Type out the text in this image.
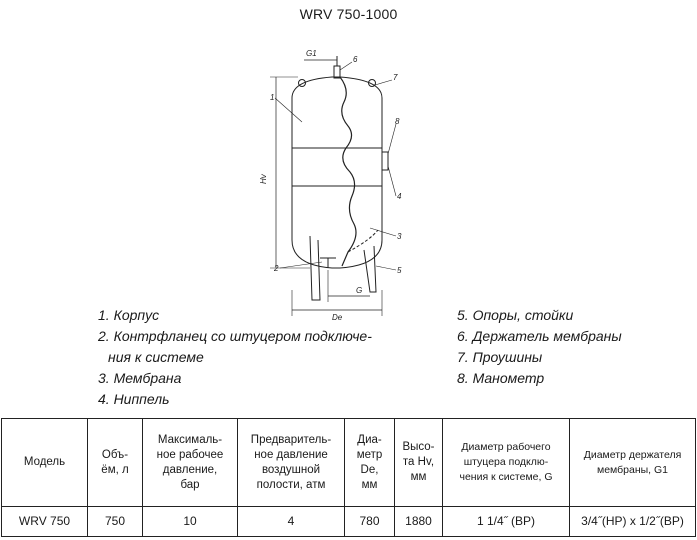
WRV 750-1000
1
2
3
4
5
6
7
8
G1
Hv
De
G
1. Корпус
2. Контрфланец со штуцером подключе-
ния к системе
3. Мембрана
4. Ниппель
5. Опоры, стойки
6. Держатель мембраны
7. Проушины
8. Манометр
Модель	Объ-
ём, л	Максималь-
ное рабочее
давление,
бар	Предваритель-
ное давление
воздушной
полости, атм	Диа-
метр
De,
мм	Высо-
та Hv,
мм	Диаметр рабочего
штуцера подклю-
чения к системе, G	Диаметр держателя
мембраны, G1
WRV 750	750	10	4	780	1880	1 1/4˝ (ВР)	3/4˝(НР) х 1/2˝(ВР)
